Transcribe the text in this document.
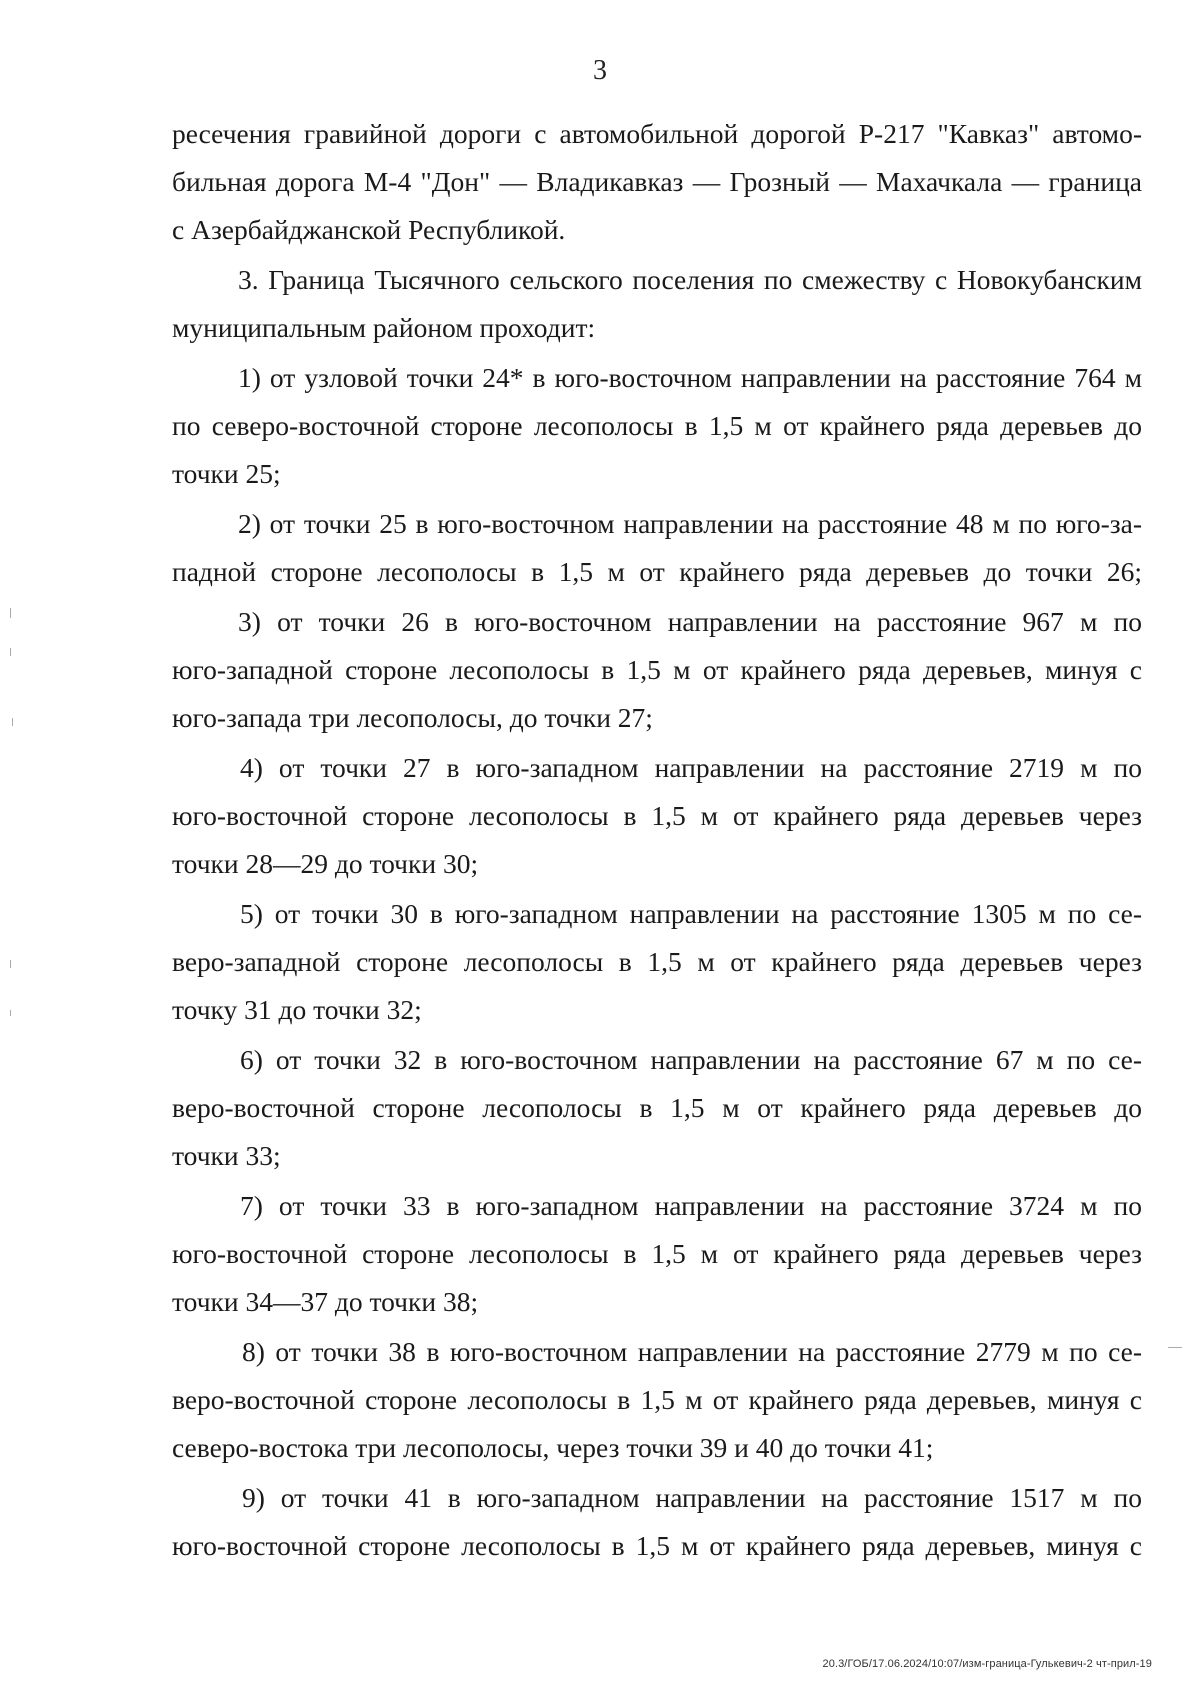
3
ресечения гравийной дороги с автомобильной дорогой Р-217 "Кавказ" автомо-
бильная дорога М-4 "Дон" — Владикавказ — Грозный — Махачкала — граница
с Азербайджанской Республикой.
3. Граница Тысячного сельского поселения по смежеству с Новокубанским
муниципальным районом проходит:
1) от узловой точки 24* в юго-восточном направлении на расстояние 764 м
по северо-восточной стороне лесополосы в 1,5 м от крайнего ряда деревьев до
точки 25;
2) от точки 25 в юго-восточном направлении на расстояние 48 м по юго-за-
падной стороне лесополосы в 1,5 м от крайнего ряда деревьев до точки 26;
3) от точки 26 в юго-восточном направлении на расстояние 967 м по
юго-западной стороне лесополосы в 1,5 м от крайнего ряда деревьев, минуя с
юго-запада три лесополосы, до точки 27;
4) от точки 27 в юго-западном направлении на расстояние 2719 м по
юго-восточной стороне лесополосы в 1,5 м от крайнего ряда деревьев через
точки 28—29 до точки 30;
5) от точки 30 в юго-западном направлении на расстояние 1305 м по се-
веро-западной стороне лесополосы в 1,5 м от крайнего ряда деревьев через
точку 31 до точки 32;
6) от точки 32 в юго-восточном направлении на расстояние 67 м по се-
веро-восточной стороне лесополосы в 1,5 м от крайнего ряда деревьев до
точки 33;
7) от точки 33 в юго-западном направлении на расстояние 3724 м по
юго-восточной стороне лесополосы в 1,5 м от крайнего ряда деревьев через
точки 34—37 до точки 38;
8) от точки 38 в юго-восточном направлении на расстояние 2779 м по се-
веро-восточной стороне лесополосы в 1,5 м от крайнего ряда деревьев, минуя с
северо-востока три лесополосы, через точки 39 и 40 до точки 41;
9) от точки 41 в юго-западном направлении на расстояние 1517 м по
юго-восточной стороне лесополосы в 1,5 м от крайнего ряда деревьев, минуя с
20.3/ГОБ/17.06.2024/10:07/изм-граница-Гулькевич-2 чт-прил-19
